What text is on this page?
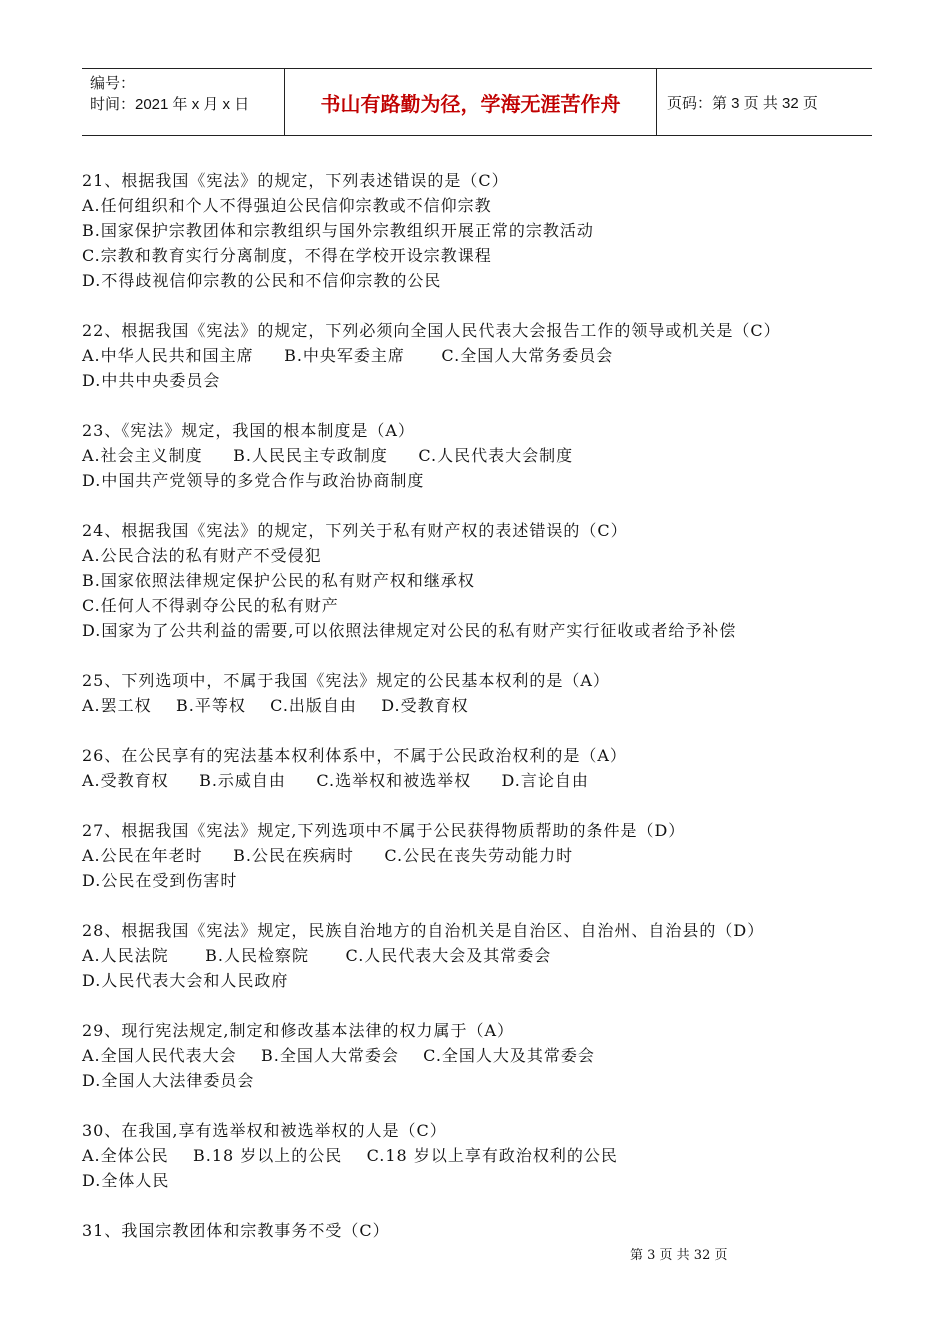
编号：
时间：2021 年 x 月 x 日	书山有路勤为径，学海无涯苦作舟	页码：第 3 页 共 32 页
21、根据我国《宪法》的规定，下列表述错误的是（C）
A.任何组织和个人不得强迫公民信仰宗教或不信仰宗教
B.国家保护宗教团体和宗教组织与国外宗教组织开展正常的宗教活动
C.宗教和教育实行分离制度，不得在学校开设宗教课程
D.不得歧视信仰宗教的公民和不信仰宗教的公民
22、根据我国《宪法》的规定，下列必须向全国人民代表大会报告工作的领导或机关是（C）
A.中华人民共和国主席     B.中央军委主席      C.全国人大常务委员会
D.中共中央委员会
23、《宪法》规定，我国的根本制度是（A）
A.社会主义制度     B.人民民主专政制度     C.人民代表大会制度
D.中国共产党领导的多党合作与政治协商制度
24、根据我国《宪法》的规定，下列关于私有财产权的表述错误的（C）
A.公民合法的私有财产不受侵犯
B.国家依照法律规定保护公民的私有财产权和继承权
C.任何人不得剥夺公民的私有财产
D.国家为了公共利益的需要,可以依照法律规定对公民的私有财产实行征收或者给予补偿
25、下列选项中，不属于我国《宪法》规定的公民基本权利的是（A）
A.罢工权    B.平等权    C.出版自由    D.受教育权
26、在公民享有的宪法基本权利体系中，不属于公民政治权利的是（A）
A.受教育权     B.示威自由     C.选举权和被选举权     D.言论自由
27、根据我国《宪法》规定,下列选项中不属于公民获得物质帮助的条件是（D）
A.公民在年老时     B.公民在疾病时     C.公民在丧失劳动能力时
D.公民在受到伤害时
28、根据我国《宪法》规定，民族自治地方的自治机关是自治区、自治州、自治县的（D）
A.人民法院      B.人民检察院      C.人民代表大会及其常委会
D.人民代表大会和人民政府
29、现行宪法规定,制定和修改基本法律的权力属于（A）
A.全国人民代表大会    B.全国人大常委会    C.全国人大及其常委会
D.全国人大法律委员会
30、在我国,享有选举权和被选举权的人是（C）
A.全体公民    B.18 岁以上的公民    C.18 岁以上享有政治权利的公民
D.全体人民
31、我国宗教团体和宗教事务不受（C）
第 3 页 共 32 页
